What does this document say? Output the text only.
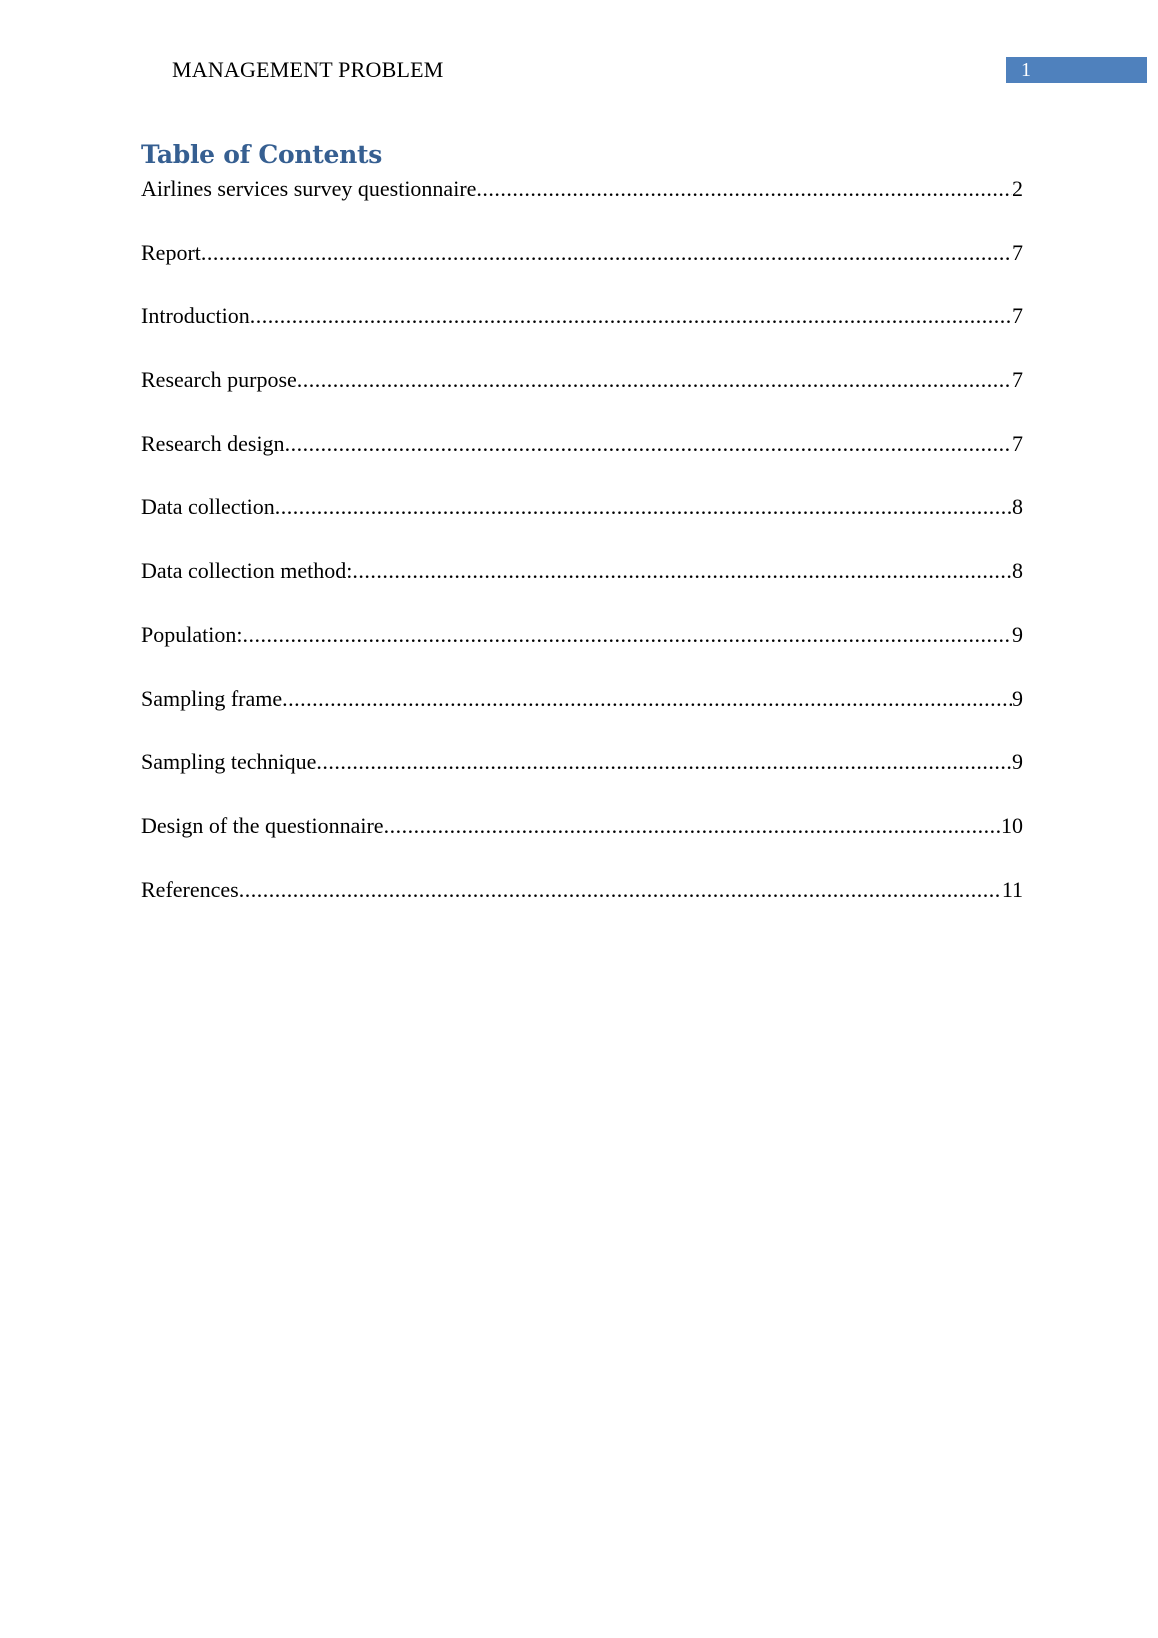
MANAGEMENT PROBLEM	1
Table of Contents
Airlines services survey questionnaire .....	2
Report .....	7
Introduction .....	7
Research purpose .....	7
Research design .....	7
Data collection .....	8
Data collection method: .....	8
Population: .....	9
Sampling frame .....	9
Sampling technique .....	9
Design of the questionnaire .....	10
References .....	11
